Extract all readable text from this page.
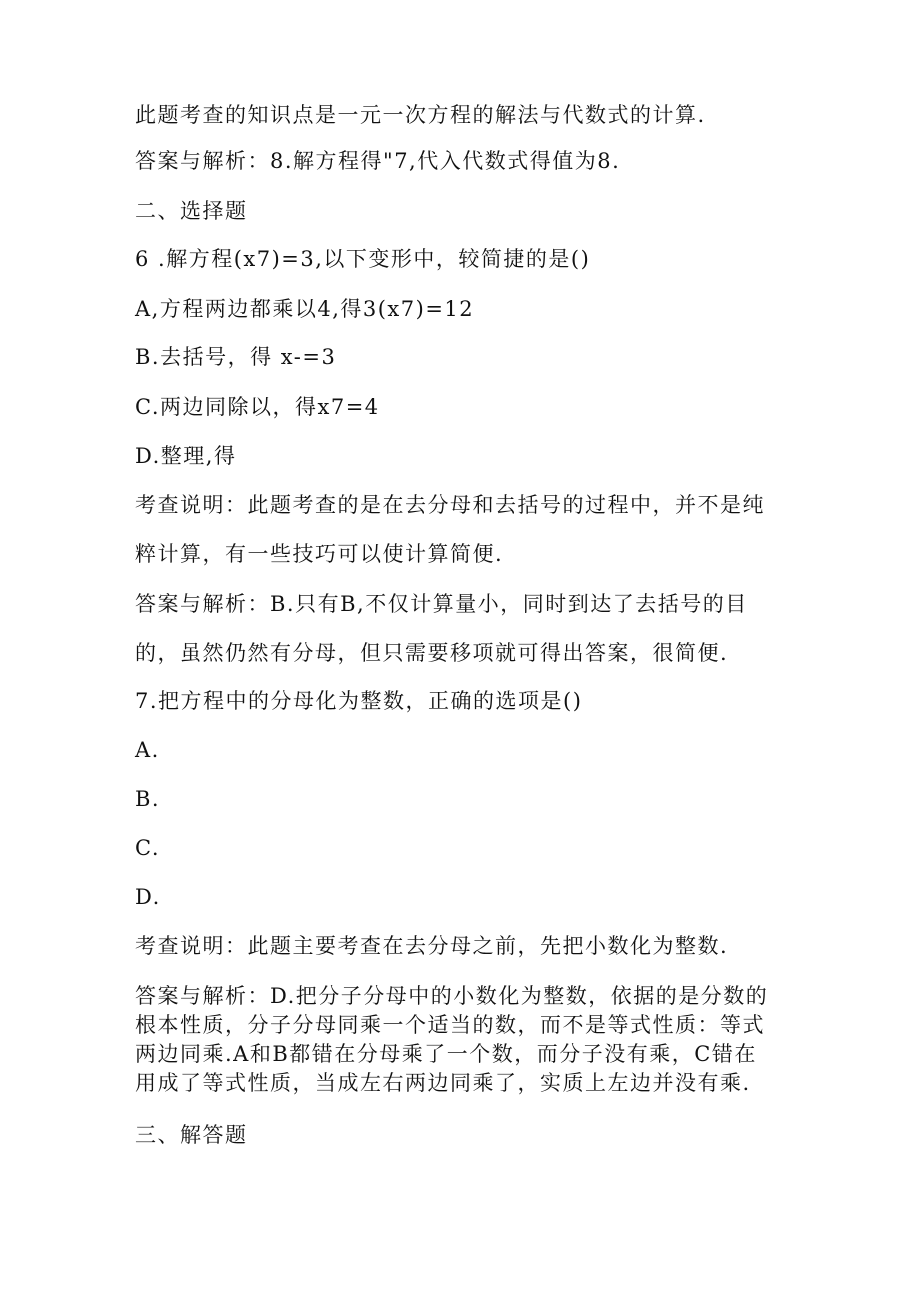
此题考查的知识点是一元一次方程的解法与代数式的计算.

答案与解析：8.解方程得"7,代入代数式得值为8.

二、选择题

6 .解方程(x7)=3,以下变形中，较简捷的是()

A,方程两边都乘以4,得3(x7)=12

B.去括号，得 x-=3

C.两边同除以，得x7=4

D.整理,得

考查说明：此题考查的是在去分母和去括号的过程中，并不是纯

粹计算，有一些技巧可以使计算简便.

答案与解析：B.只有B,不仅计算量小，同时到达了去括号的目

的，虽然仍然有分母，但只需要移项就可得出答案，很简便.

7.把方程中的分母化为整数，正确的选项是()

A.

B.

C.

D.

考查说明：此题主要考查在去分母之前，先把小数化为整数.

答案与解析：D.把分子分母中的小数化为整数，依据的是分数的
根本性质，分子分母同乘一个适当的数，而不是等式性质：等式
两边同乘.A和B都错在分母乘了一个数，而分子没有乘，C错在
用成了等式性质，当成左右两边同乘了，实质上左边并没有乘.

三、解答题
